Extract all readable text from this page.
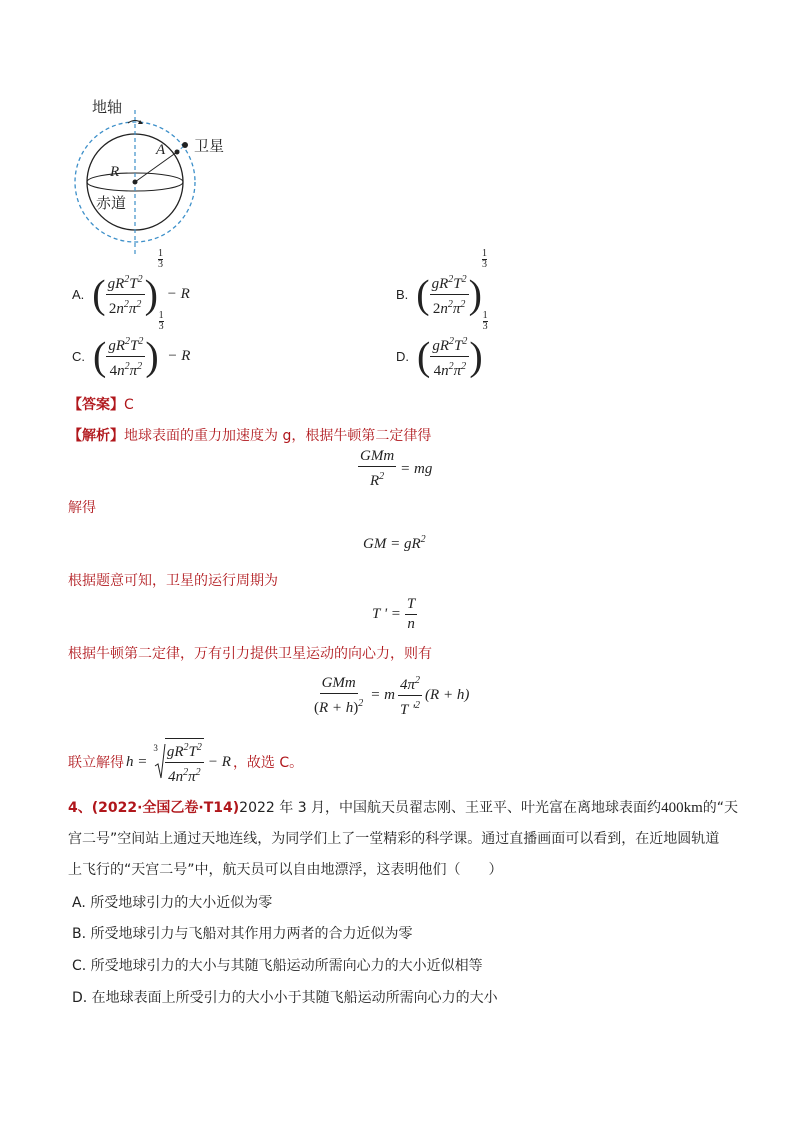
地轴
卫星
A
R
赤道
A. ( $\frac{gR^2T^2}{2n^2\pi^2}$ )
$\frac{1}{3}$
− R	B. ( $\frac{gR^2T^2}{2n^2\pi^2}$ )
$\frac{1}{3}$
C. ( $\frac{gR^2T^2}{4n^2\pi^2}$ )
$\frac{1}{3}$
− R	D. ( $\frac{gR^2T^2}{4n^2\pi^2}$ )
$\frac{1}{3}$
【答案】C
【解析】地球表面的重力加速度为 g，根据牛顿第二定律得
$\frac{\text{GMm}}{R^2}$ = mg
解得
GM = $gR^2$
根据题意可知，卫星的运行周期为
T ' = $\frac{T}{n}$
根据牛顿第二定律，万有引力提供卫星运动的向心力，则有
$\frac{\text{GMm}}{(R + h)^2} = m \frac{4\pi^2}{T '^2} (R + h)$
联立解得 h =
$3 \frac{gR^2T^2}{4n^2\pi^2} - R$ ，故选 C。
4、(2022·全国乙卷·T14)2022 年 3 月，中国航天员翟志刚、王亚平、叶光富在离地球表面约400km的“天
宫二号”空间站上通过天地连线，为同学们上了一堂精彩的科学课。通过直播画面可以看到，在近地圆轨道
上飞行的“天宫二号”中，航天员可以自由地漂浮，这表明他们（　　）
A. 所受地球引力的大小近似为零
B. 所受地球引力与飞船对其作用力两者的合力近似为零
C. 所受地球引力的大小与其随飞船运动所需向心力的大小近似相等
D. 在地球表面上所受引力的大小小于其随飞船运动所需向心力的大小
